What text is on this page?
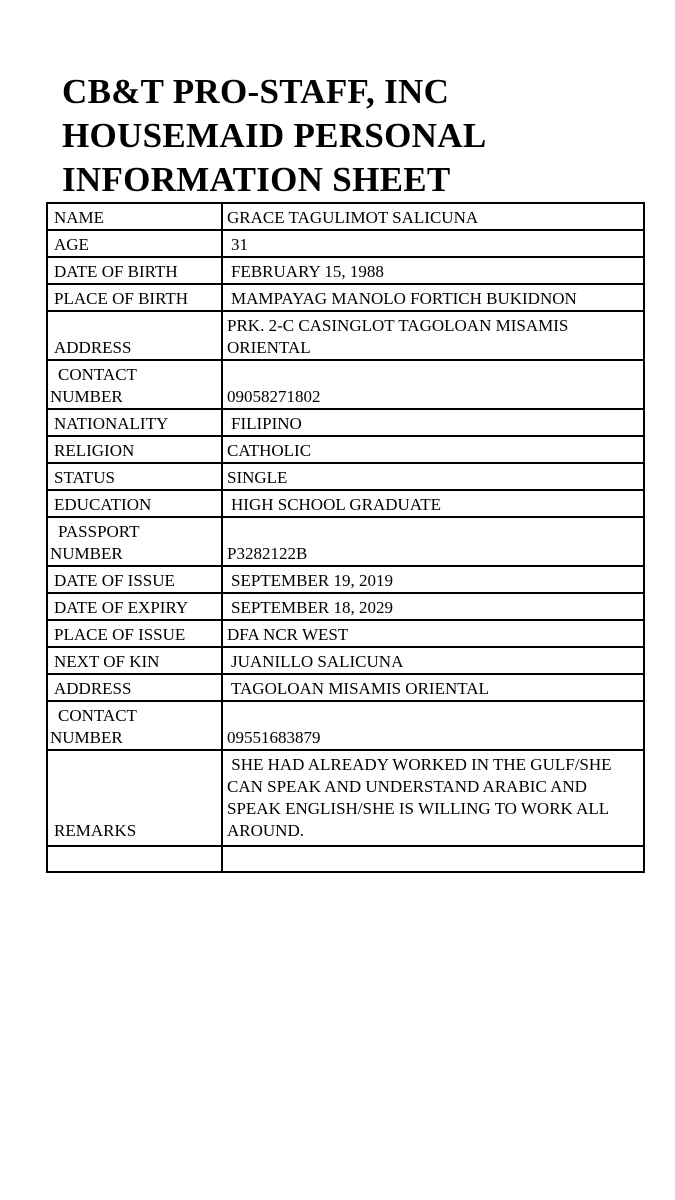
CB&T PRO-STAFF, INC
HOUSEMAID PERSONAL
INFORMATION SHEET
NAME	GRACE TAGULIMOT SALICUNA
AGE	31
DATE OF BIRTH	FEBRUARY 15, 1988
PLACE OF BIRTH	MAMPAYAG MANOLO FORTICH BUKIDNON
ADDRESS	PRK. 2-C CASINGLOT TAGOLOAN MISAMIS ORIENTAL

CONTACT
NUMBER	09058271802
NATIONALITY	FILIPINO
RELIGION	CATHOLIC
STATUS	SINGLE
EDUCATION	HIGH SCHOOL GRADUATE

PASSPORT
NUMBER	P3282122B
DATE OF ISSUE	SEPTEMBER 19, 2019
DATE OF EXPIRY	SEPTEMBER 18, 2029
PLACE OF ISSUE	DFA NCR WEST
NEXT OF KIN	JUANILLO SALICUNA
ADDRESS	TAGOLOAN MISAMIS ORIENTAL

CONTACT
NUMBER	09551683879
REMARKS	SHE HAD ALREADY WORKED IN THE GULF/SHE CAN SPEAK AND UNDERSTAND ARABIC AND SPEAK ENGLISH/SHE IS WILLING TO WORK ALL AROUND.
